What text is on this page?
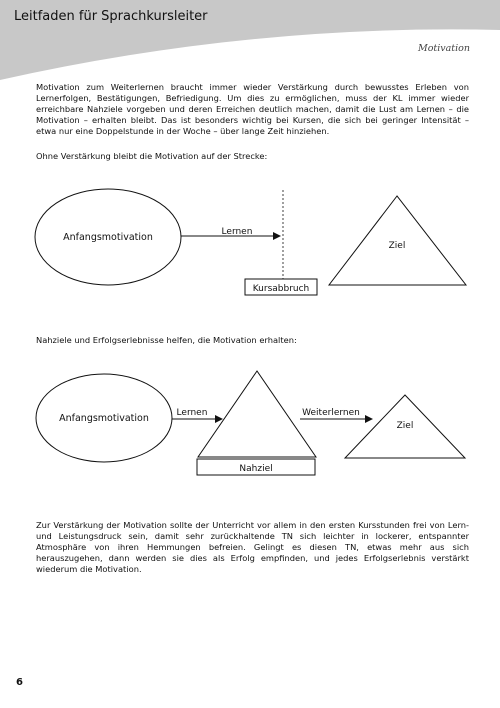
Leitfaden für Sprachkursleiter
Motivation
Motivation zum Weiterlernen braucht immer wieder Verstärkung durch bewusstes Erleben von Lernerfolgen, Bestätigungen, Befriedigung. Um dies zu ermöglichen, muss der KL immer wieder erreichbare Nahziele vorgeben und deren Erreichen deutlich machen, damit die Lust am Lernen – die Motivation – erhalten bleibt. Das ist besonders wichtig bei Kursen, die sich bei geringer Intensität – etwa nur eine Doppelstunde in der Woche – über lange Zeit hinziehen.
Ohne Verstärkung bleibt die Motivation auf der Strecke:
Anfangsmotivation	Lernen
Kursabbruch
Ziel
Nahziele und Erfolgserlebnisse helfen, die Motivation erhalten:
Anfangsmotivation	Lernen
Nahziel
Weiterlernen
Ziel
Zur Verstärkung der Motivation sollte der Unterricht vor allem in den ersten Kursstunden frei von Lern- und Leistungsdruck sein, damit sehr zurückhaltende TN sich leichter in lockerer, entspannter Atmosphäre von ihren Hemmungen befreien. Gelingt es diesen TN, etwas mehr aus sich herauszugehen, dann werden sie dies als Erfolg empfinden, und jedes Erfolgserlebnis verstärkt wiederum die Motivation.
6
